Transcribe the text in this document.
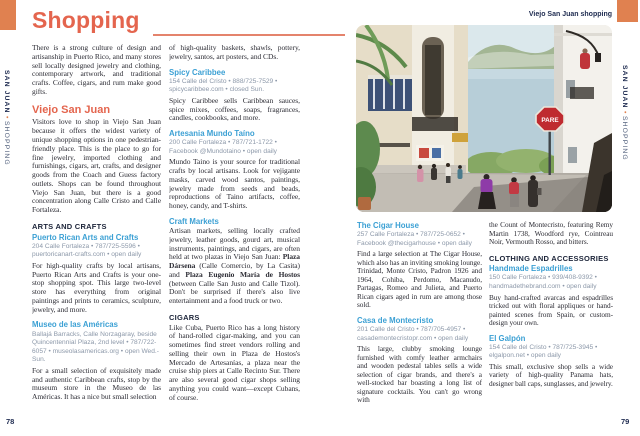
SAN JUAN•SHOPPING
SAN JUAN•SHOPPING
Shopping	Viejo San Juan shopping
PARE
78	79

There is a strong culture of design and artisanship in Puerto Rico, and many stores sell locally designed jewelry and clothing, contemporary artwork, and traditional crafts. Coffee, cigars, and rum make good gifts.

Viejo San Juan

Visitors love to shop in Viejo San Juan because it offers the widest variety of unique shopping options in one pedestrian-friendly place. This is the place to go for fine jewelry, imported clothing and furnishings, cigars, art, crafts, and designer goods from the Coach and Guess factory outlets. Shops can be found throughout Viejo San Juan, but there is a good concentration along Calle Cristo and Calle Fortaleza.

ARTS AND CRAFTS
Puerto Rican Arts and Crafts
204 Calle Fortaleza • 787/725-5596 • puertoricanart-crafts.com • open daily

For high-quality crafts by local artisans, Puerto Rican Arts and Crafts is your one-stop shopping spot. This large two-level store has everything from original paintings and prints to ceramics, sculpture, jewelry, and more.

Museo de las Américas
Ballajá Barracks, Calle Norzagaray, beside Quincentennial Plaza, 2nd level • 787/722-6057 • museolasamericas.org • open Wed.-Sun.

For a small selection of exquisitely made and authentic Caribbean crafts, stop by the museum store in the Museo de las Américas. It has a nice but small selection

of high-quality baskets, shawls, pottery, jewelry, santos, art posters, and CDs.

Spicy Caribbee
154 Calle del Cristo • 888/725-7529 • spicycaribbee.com • closed Sun.

Spicy Caribbee sells Caribbean sauces, spice mixes, coffees, soaps, fragrances, candles, cookbooks, and more.

Artesania Mundo Taíno
200 Calle Fortaleza • 787/721-1722 • Facebook @Mundotaino • open daily

Mundo Taino is your source for traditional crafts by local artisans. Look for vejigante masks, carved wood santos, paintings, jewelry made from seeds and beads, reproductions of Taino artifacts, coffee, honey, candy, and T-shirts.

Craft Markets

Artisan markets, selling locally crafted jewelry, leather goods, gourd art, musical instruments, paintings, and cigars, are often held at two plazas in Viejo San Juan: Plaza Dársena (Calle Comercio, by La Casita) and Plaza Eugenio María de Hostos (between Calle San Justo and Calle Tizol). Don't be surprised if there's also live entertainment and a food truck or two.

CIGARS

Like Cuba, Puerto Rico has a long history of hand-rolled cigar-making, and you can sometimes find street vendors rolling and selling their own in Plaza de Hostos's Mercado de Artesanías, a plaza near the cruise ship piers at Calle Recinto Sur. There are also several good cigar shops selling anything you could want—except Cubans, of course.

The Cigar House
257 Calle Fortaleza • 787/725-0652 • Facebook @thecigarhouse • open daily

Find a large selection at The Cigar House, which also has an inviting smoking lounge. Trinidad, Monte Cristo, Padron 1926 and 1964, Cohiba, Perdomo, Macanudo, Partagas, Romeo and Julieta, and Puerto Rican cigars aged in rum are among those sold.

Casa de Montecristo
201 Calle del Cristo • 787/705-4957 • casademontecristopr.com • open daily

This large, clubby smoking lounge furnished with comfy leather armchairs and wooden pedestal tables sells a wide selection of cigar brands, and there's a well-stocked bar boasting a long list of signature cocktails. You can't go wrong with

the Count of Montecristo, featuring Remy Martin 1738, Woodford rye, Cointreau Noir, Vermouth Rosso, and bitters.

CLOTHING AND ACCESSORIES
Handmade Espadrilles
150 Calle Fortaleza • 939/408-9392 • handmadethebrand.com • open daily

Buy hand-crafted avarcas and espadrilles tricked out with floral appliques or hand-painted scenes from Spain, or custom-design your own.

El Galpón
154 Calle del Cristo • 787/725-3945 • elgalpon.net • open daily

This small, exclusive shop sells a wide variety of high-quality Panama hats, designer ball caps, sunglasses, and jewelry.
